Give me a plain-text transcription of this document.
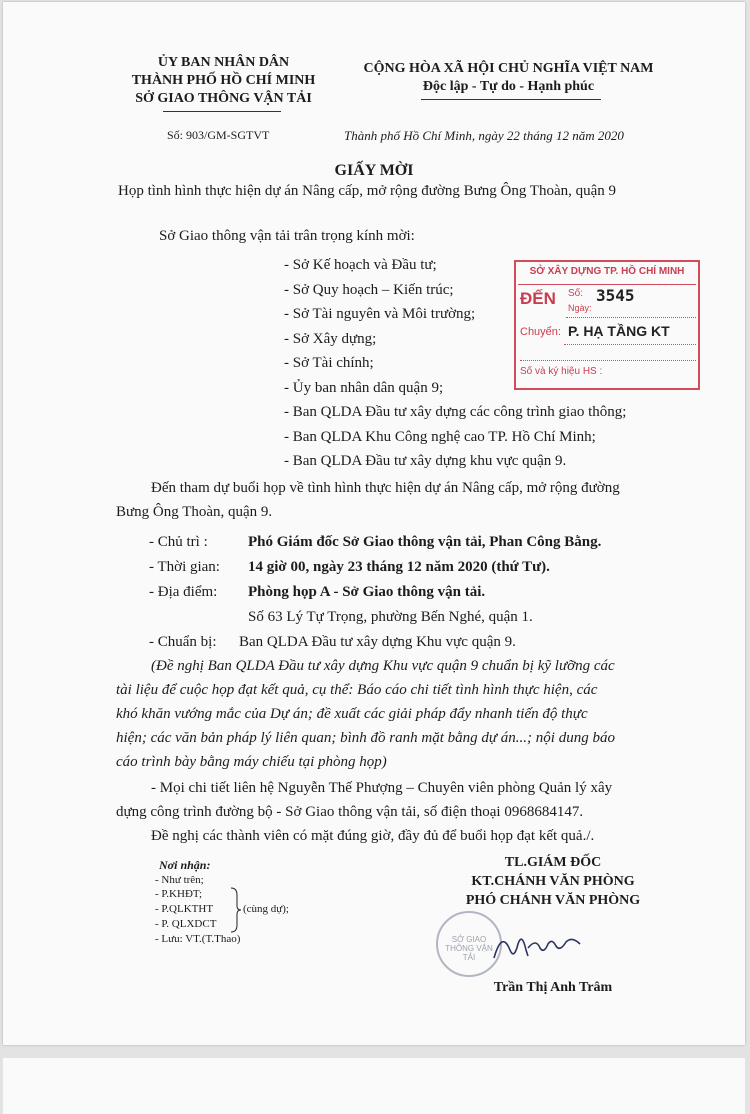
ỦY BAN NHÂN DÂN
THÀNH PHỐ HỒ CHÍ MINH
SỞ GIAO THÔNG VẬN TẢI
Số: 903/GM-SGTVT
CỘNG HÒA XÃ HỘI CHỦ NGHĨA VIỆT NAM
Độc lập - Tự do - Hạnh phúc
Thành phố Hồ Chí Minh, ngày 22 tháng 12 năm 2020
GIẤY MỜI
Họp tình hình thực hiện dự án Nâng cấp, mở rộng đường Bưng Ông Thoàn, quận 9
Sở Giao thông vận tải trân trọng kính mời:
- Sở Kế hoạch và Đầu tư;
- Sở Quy hoạch – Kiến trúc;
- Sở Tài nguyên và Môi trường;
- Sở Xây dựng;
- Sở Tài chính;
- Ủy ban nhân dân quận 9;
- Ban QLDA Đầu tư xây dựng các công trình giao thông;
- Ban QLDA Khu Công nghệ cao TP. Hồ Chí Minh;
- Ban QLDA Đầu tư xây dựng khu vực quận 9.
Đến tham dự buổi họp về tình hình thực hiện dự án Nâng cấp, mở rộng đường
Bưng Ông Thoàn, quận 9.
- Chủ trì :	Phó Giám đốc Sở Giao thông vận tải, Phan Công Bằng.
- Thời gian: 14 giờ 00, ngày 23 tháng 12 năm 2020 (thứ Tư).
- Địa điểm: Phòng họp A - Sở Giao thông vận tải.
Số 63 Lý Tự Trọng, phường Bến Nghé, quận 1.
- Chuẩn bị: Ban QLDA Đầu tư xây dựng Khu vực quận 9.
(Đề nghị Ban QLDA Đầu tư xây dựng Khu vực quận 9 chuẩn bị kỹ lưỡng các
tài liệu để cuộc họp đạt kết quả, cụ thể: Báo cáo chi tiết tình hình thực hiện, các
khó khăn vướng mắc của Dự án; đề xuất các giải pháp đẩy nhanh tiến độ thực
hiện; các văn bản pháp lý liên quan; bình đồ ranh mặt bằng dự án...; nội dung báo
cáo trình bày bằng máy chiếu tại phòng họp)
- Mọi chi tiết liên hệ Nguyễn Thế Phượng – Chuyên viên phòng Quản lý xây
dựng công trình đường bộ - Sở Giao thông vận tải, số điện thoại 0968684147.
Đề nghị các thành viên có mặt đúng giờ, đầy đủ để buổi họp đạt kết quả./.
Nơi nhận:
- Như trên;
- P.KHĐT;
- P.QLKTHT
- P. QLXDCT
- Lưu: VT.(T.Thao)
(cùng dự);
TL.GIÁM ĐỐC
KT.CHÁNH VĂN PHÒNG
PHÓ CHÁNH VĂN PHÒNG
SỞ GIAO THÔNG VẬN TẢI
Trần Thị Anh Trâm
SỞ XÂY DỰNG TP. HỒ CHÍ MINH
ĐẾN	Số: 3545
Ngày:
Chuyển: P. HẠ TẦNG KT
Số và ký hiệu HS :
